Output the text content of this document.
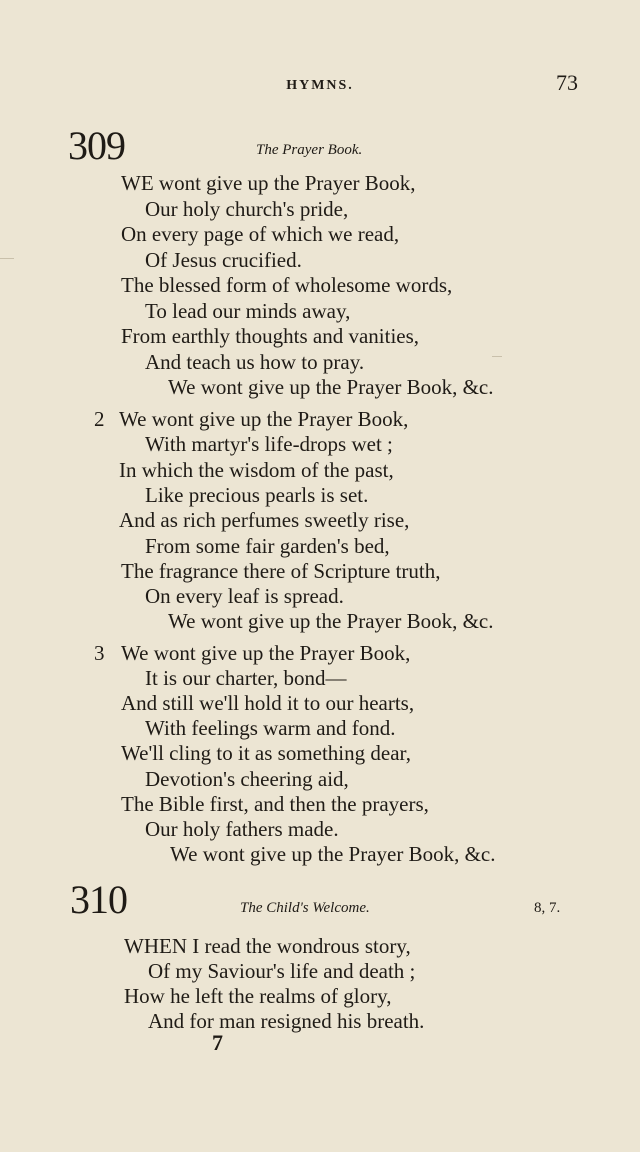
HYMNS.	73
309	The Prayer Book.
WE wont give up the Prayer Book,
Our holy church's pride,
On every page of which we read,
Of Jesus crucified.
The blessed form of wholesome words,
To lead our minds away,
From earthly thoughts and vanities,
And teach us how to pray.
We wont give up the Prayer Book, &c.
2 We wont give up the Prayer Book,
With martyr's life-drops wet ;
In which the wisdom of the past,
Like precious pearls is set.
And as rich perfumes sweetly rise,
From some fair garden's bed,
The fragrance there of Scripture truth,
On every leaf is spread.
We wont give up the Prayer Book, &c.
3 We wont give up the Prayer Book,
It is our charter, bond—
And still we'll hold it to our hearts,
With feelings warm and fond.
We'll cling to it as something dear,
Devotion's cheering aid,
The Bible first, and then the prayers,
Our holy fathers made.
We wont give up the Prayer Book, &c.
310	The Child's Welcome.	8, 7.
WHEN I read the wondrous story,
Of my Saviour's life and death ;
How he left the realms of glory,
And for man resigned his breath.
7
